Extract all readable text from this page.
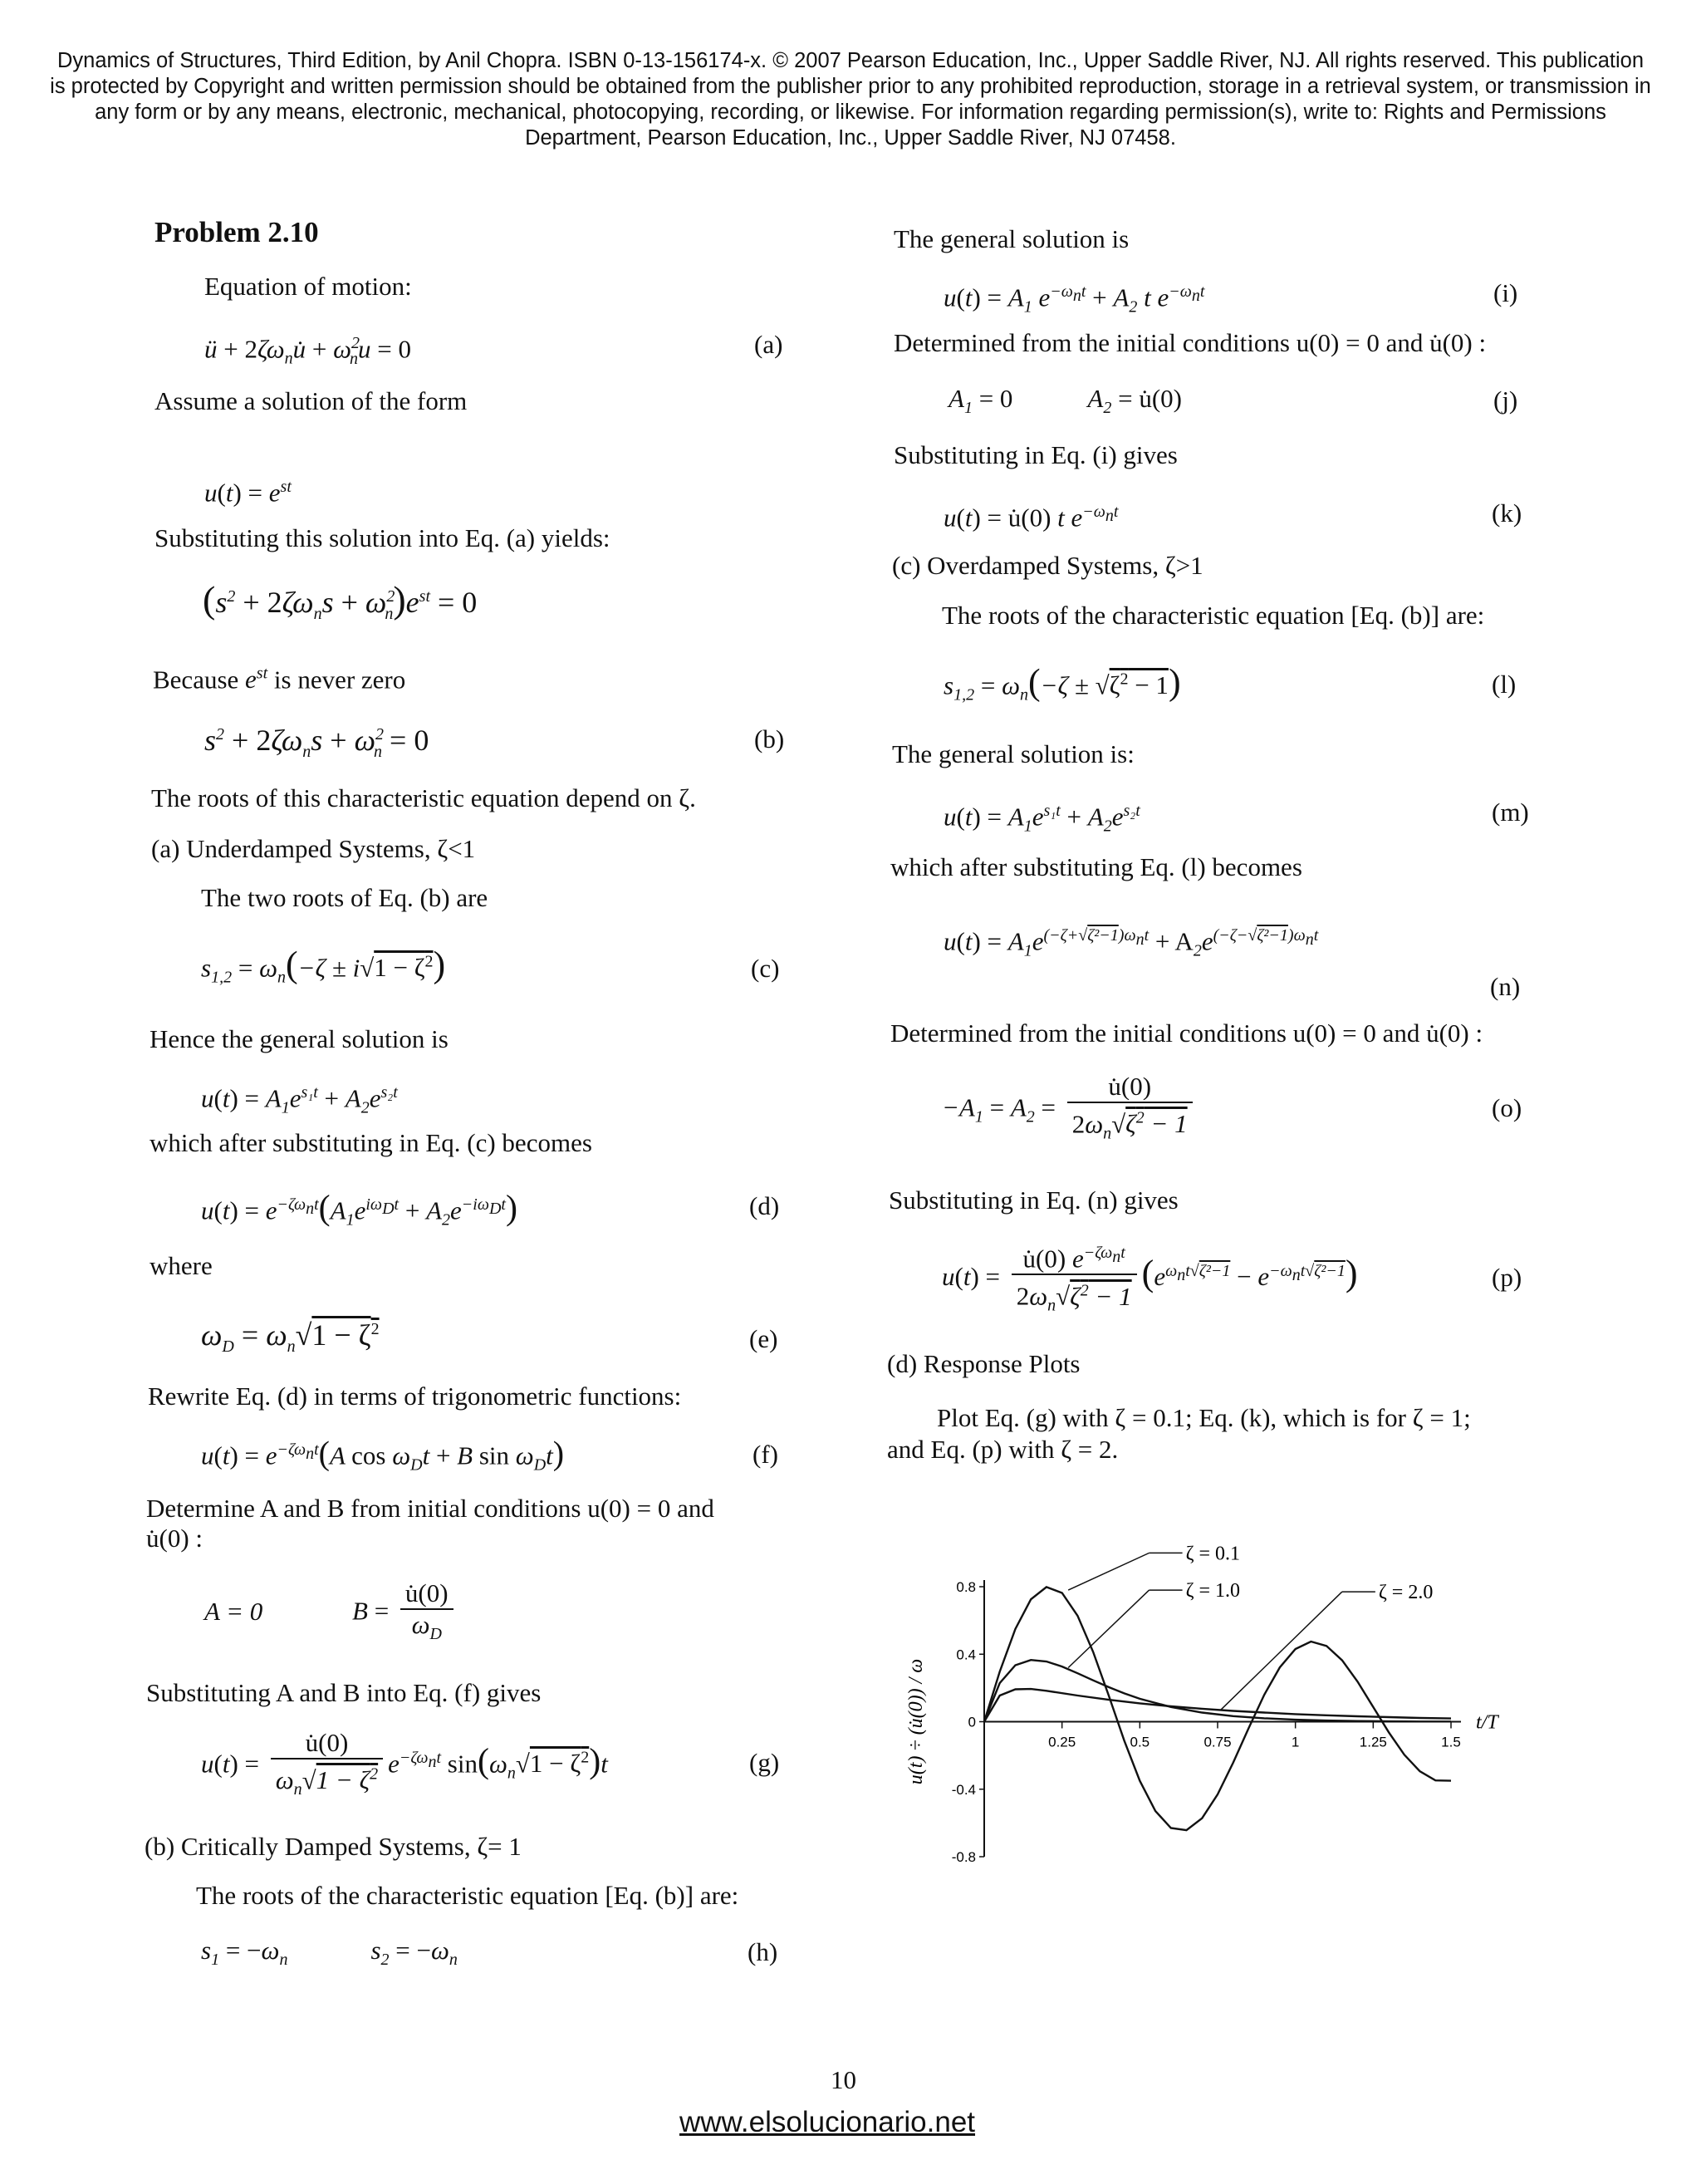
Dynamics of Structures, Third Edition, by Anil Chopra. ISBN 0-13-156174-x. © 2007 Pearson Education, Inc., Upper Saddle River, NJ. All rights reserved. This publication is protected by Copyright and written permission should be obtained from the publisher prior to any prohibited reproduction, storage in a retrieval system, or transmission in any form or by any means, electronic, mechanical, photocopying, recording, or likewise. For information regarding permission(s), write to: Rights and Permissions Department, Pearson Education, Inc., Upper Saddle River, NJ 07458.
Problem 2.10
Equation of motion:
ü + $2\zeta\omega_nu̇ + \omega^2_nu = 0$	(a)
Assume a solution of the form
$u(t) = e^{st}$
Substituting this solution into Eq. (a) yields:
$(s^2 + 2\zeta\omega_ns + \omega^2_n)e^{st} = 0$
Because $e^{st}$ is never zero
$s^2 + 2\zeta\omega_ns + \omega^2_n = 0$	(b)
The roots of this characteristic equation depend on ζ.
(a) Underdamped Systems, ζ<1
The two roots of Eq. (b) are
$s_{1,2} = \omega_n(-\zeta \pm i√1 - \zeta^2)$	(c)
Hence the general solution is
$u(t) = A_1e^{s_1t} + A_2e^{s_2t}$
which after substituting in Eq. (c) becomes
$u(t) = e^{-\zeta\omega_nt}(A_1e^{i\omega_Dt} + A_2e^{-i\omega_Dt})$	(d)
where
$\omega_D = \omega_n√1 - \zeta^2$	(e)
Rewrite Eq. (d) in terms of trigonometric functions:
$u(t) = e^{-\zeta\omega_nt}(A$ $\cos \omega_Dt + B$ $\sin \omega_Dt$)	(f)
Determine A and B from initial conditions u(0) = 0 and
u̇(0) :
A = 0	$B = \frac{u̇(0)}{\omega_D}$
Substituting A and B into Eq. (f) gives
$u(t) = \frac{u̇(0)}{\omega_n√1 - \zeta^2} e^{-\zeta\omega_nt}$ $\sin(\omega_n√1 - \zeta^2)t$	(g)
(b) Critically Damped Systems, ζ= 1
The roots of the characteristic equation [Eq. (b)] are:
$s_1 = -\omega_n$	$s_2 = -\omega_n$	(h)
The general solution is
$u(t) = A_1$ $e^{-\omega_nt} + A_2$ t $e^{-\omega_nt}$	(i)
Determined from the initial conditions u(0) = 0 and u̇(0) :
$A_1 = 0$	$A_2$ = u̇(0)	(j)
Substituting in Eq. (i) gives
u(t) = u̇(0) t $e^{-\omega_nt}$	(k)
(c) Overdamped Systems, ζ>1
The roots of the characteristic equation [Eq. (b)] are:
$s_{1,2} = \omega_n(-\zeta \pm √\zeta^2 - 1)$	(l)
The general solution is:
$u(t) = A_1e^{s_1t} + A_2e^{s_2t}$	(m)
which after substituting Eq. (l) becomes
$u(t) = A_1e^{(-\zeta+√\zeta^2-1)\omega_nt} + A_2e^{(-\zeta-√\zeta^2-1)\omega_nt}$
(n)
Determined from the initial conditions u(0) = 0 and u̇(0) :
$-A_1 = A_2 = \frac{u̇(0)}{2\omega_n√\zeta^2 - 1}$	(o)
Substituting in Eq. (n) gives
$u(t) = \frac{u̇(0) e^{-\zeta\omega_nt}}{2\omega_n√\zeta^2 - 1} (e^{\omega_nt√\zeta^2-1} - e^{-\omega_nt√\zeta^2-1})$	(p)
(d) Response Plots
Plot Eq. (g) with ζ = 0.1; Eq. (k), which is for ζ = 1;
and Eq. (p) with ζ = 2.
0.25	0.5	0.75	1	1.25	1.5
0.8
0.4
0
-0.4
-0.8
ζ = 0.1
ζ = 1.0	ζ = 2.0
t/T
u(t) ÷ (u̇(0)) / ω
10
www.elsolucionario.net
